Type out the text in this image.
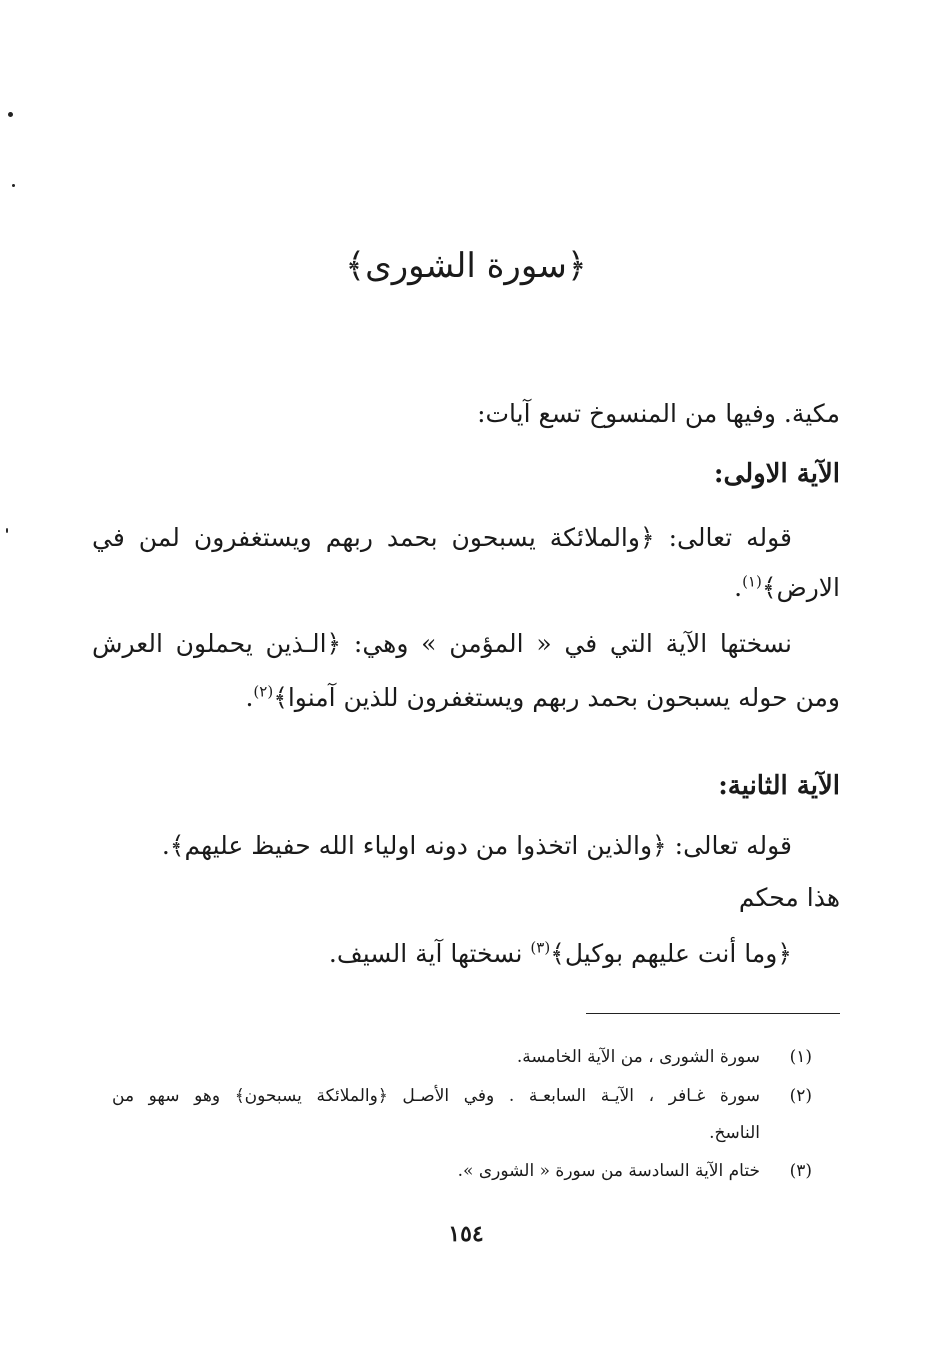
﴿سورة الشورى﴾
مكية. وفيها من المنسوخ تسع آيات:
الآية الاولى:
قوله تعالى: ﴿والملائكة يسبحون بحمد ربهم ويستغفرون لمن في
الارض﴾$^{(١)}$.
نسختها الآية التي في « المؤمن » وهي: ﴿الـذين يحملون العرش
ومن حوله يسبحون بحمد ربهم ويستغفرون للذين آمنوا﴾$^{(٢)}$.
الآية الثانية:
قوله تعالى: ﴿والذين اتخذوا من دونه اولياء الله حفيظ عليهم﴾.
هذا محكم
﴿وما أنت عليهم بوكيل﴾$^{(٣)}$ نسختها آية السيف.
(١)
سورة الشورى ، من الآية الخامسة.
(٢)
سورة غـافر ، الآيـة السابعـة . وفي الأصـل ﴿والملائكة يسبحون﴾ وهو سهو من
الناسخ.
(٣)
ختام الآية السادسة من سورة « الشورى ».
١٥٤
